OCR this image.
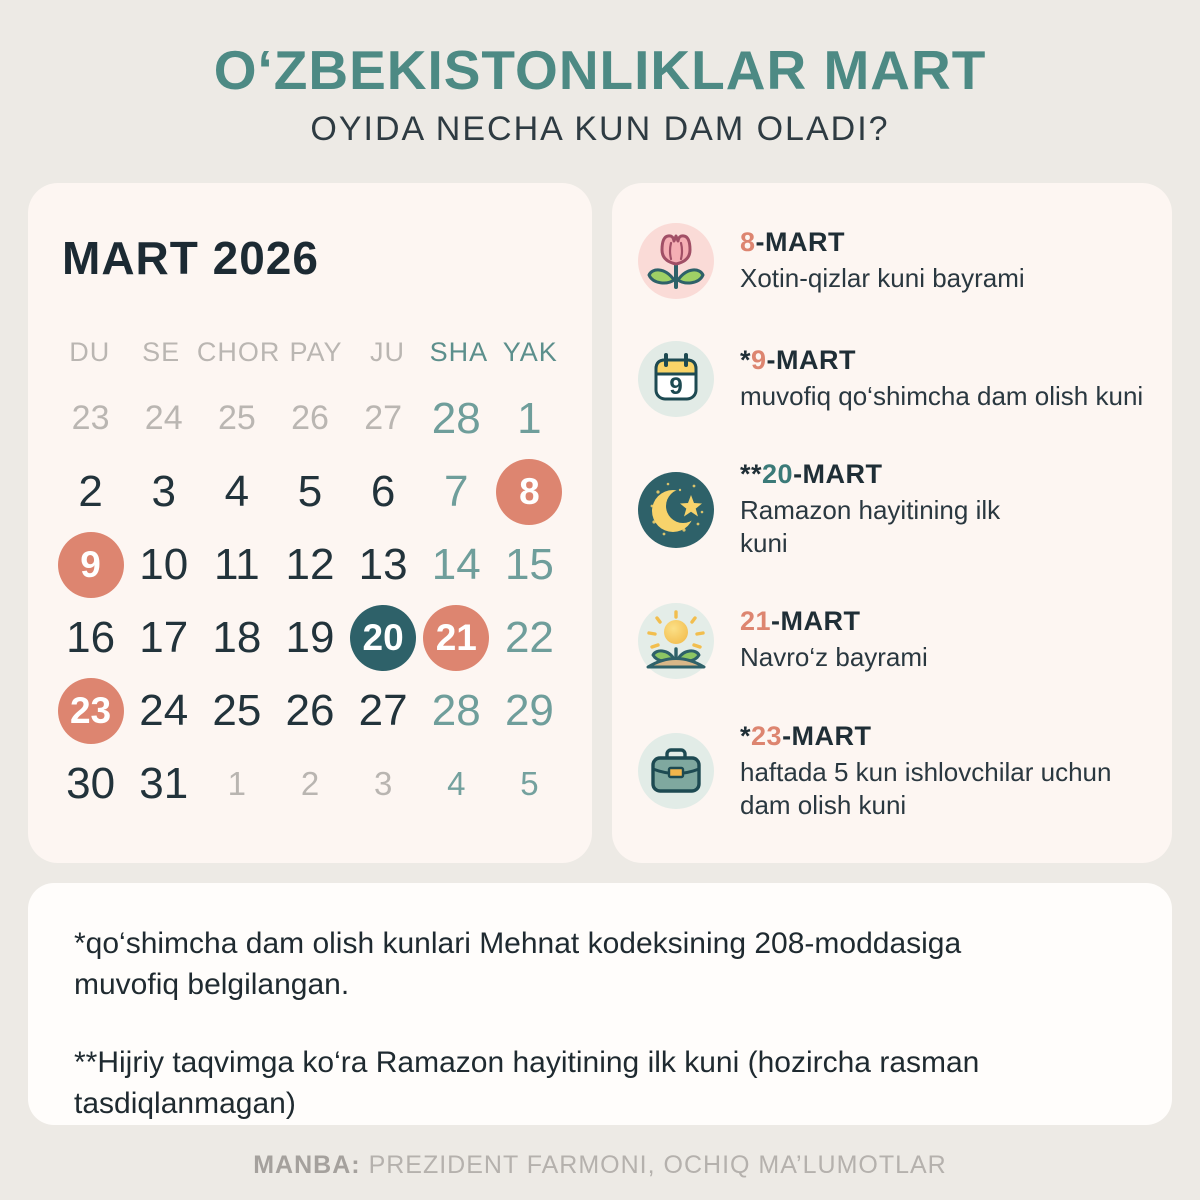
O‘ZBEKISTONLIKLAR MART
OYIDA NECHA KUN DAM OLADI?
MART 2026
DU	SE CHOR PAY	JU SHA YAK
23 24 25 26 27 28 1
2 3 4 5 6 7	8
9 10 11 12 13 14 15
16 17 18 19 20 21 22
23 24 25 26 27 28 29
30 31 1 2 3 4 5
8-MART
Xotin-qizlar kuni bayrami
9
*9-MART
muvofiq qo‘shimcha dam olish kuni
**20-MART
Ramazon hayitining ilk
kuni
21-MART
Navro‘z bayrami
*23-MART
haftada 5 kun ishlovchilar uchun
dam olish kuni
*qo‘shimcha dam olish kunlari Mehnat kodeksining 208-moddasiga
muvofiq belgilangan.
**Hijriy taqvimga ko‘ra Ramazon hayitining ilk kuni (hozircha rasman
tasdiqlanmagan)
MANBA: PREZIDENT FARMONI, OCHIQ MA’LUMOTLAR
